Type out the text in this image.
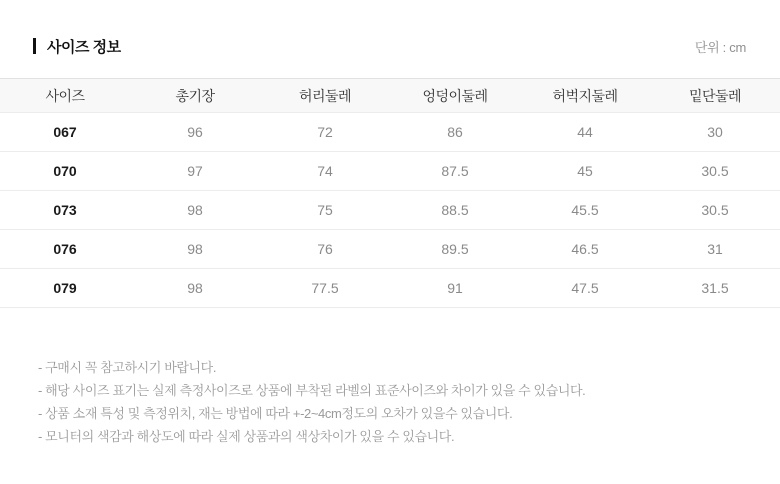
사이즈 정보	단위 : cm
사이즈	총기장	허리둘레	엉덩이둘레	허벅지둘레	밑단둘레
067	96	72	86	44	30
070	97	74	87.5	45	30.5
073	98	75	88.5	45.5	30.5
076	98	76	89.5	46.5	31
079	98	77.5	91	47.5	31.5
- 구매시 꼭 참고하시기 바랍니다.
- 해당 사이즈 표기는 실제 측정사이즈로 상품에 부착된 라벨의 표준사이즈와 차이가 있을 수 있습니다.
- 상품 소재 특성 및 측정위치, 재는 방법에 따라 +-2~4cm정도의 오차가 있을수 있습니다.
- 모니터의 색감과 해상도에 따라 실제 상품과의 색상차이가 있을 수 있습니다.
